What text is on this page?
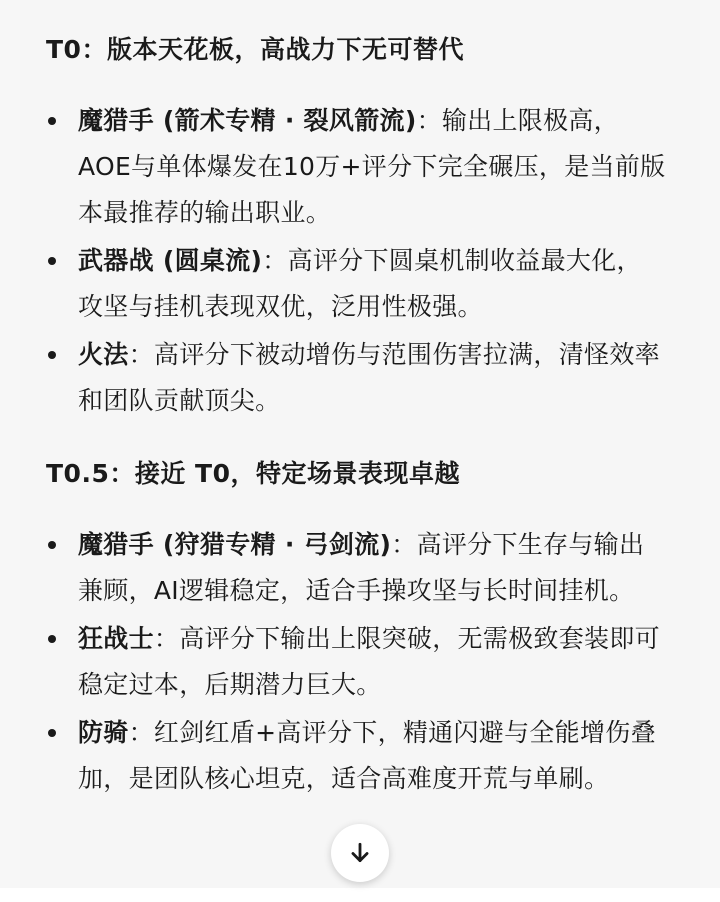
T0：版本天花板，高战力下无可替代
魔猎手 (箭术专精 · 裂风箭流)：输出上限极高，AOE与单体爆发在10万+评分下完全碾压，是当前版本最推荐的输出职业。
武器战 (圆桌流)：高评分下圆桌机制收益最大化，攻坚与挂机表现双优，泛用性极强。
火法：高评分下被动增伤与范围伤害拉满，清怪效率和团队贡献顶尖。
T0.5：接近 T0，特定场景表现卓越
魔猎手 (狩猎专精 · 弓剑流)：高评分下生存与输出兼顾，AI逻辑稳定，适合手操攻坚与长时间挂机。
狂战士：高评分下输出上限突破，无需极致套装即可稳定过本，后期潜力巨大。
防骑：红剑红盾+高评分下，精通闪避与全能增伤叠加，是团队核心坦克，适合高难度开荒与单刷。
